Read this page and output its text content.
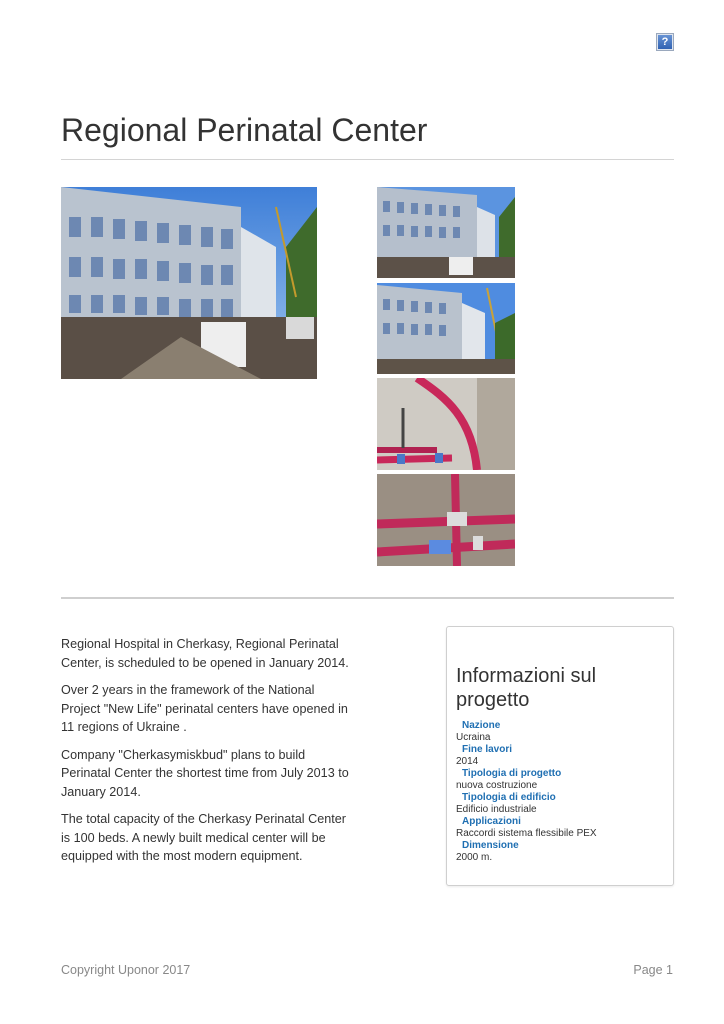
?
Regional Perinatal Center

Regional Hospital in Cherkasy, Regional Perinatal Center, is scheduled to be opened in January 2014.

Over 2 years in the framework of the National Project "New Life" perinatal centers have opened in 11 regions of Ukraine .

Company "Cherkasymiskbud" plans to build Perinatal Center the shortest time from July 2013 to January 2014.

The total capacity of the Cherkasy Perinatal Center is 100 beds. A newly built medical center will be equipped with the most modern equipment.

Informazioni sul progetto
Nazione
Ucraina
Fine lavori
2014
Tipologia di progetto
nuova costruzione
Tipologia di edificio
Edificio industriale
Applicazioni
Raccordi sistema flessibile PEX
Dimensione
2000 m.
Copyright Uponor 2017	Page 1
